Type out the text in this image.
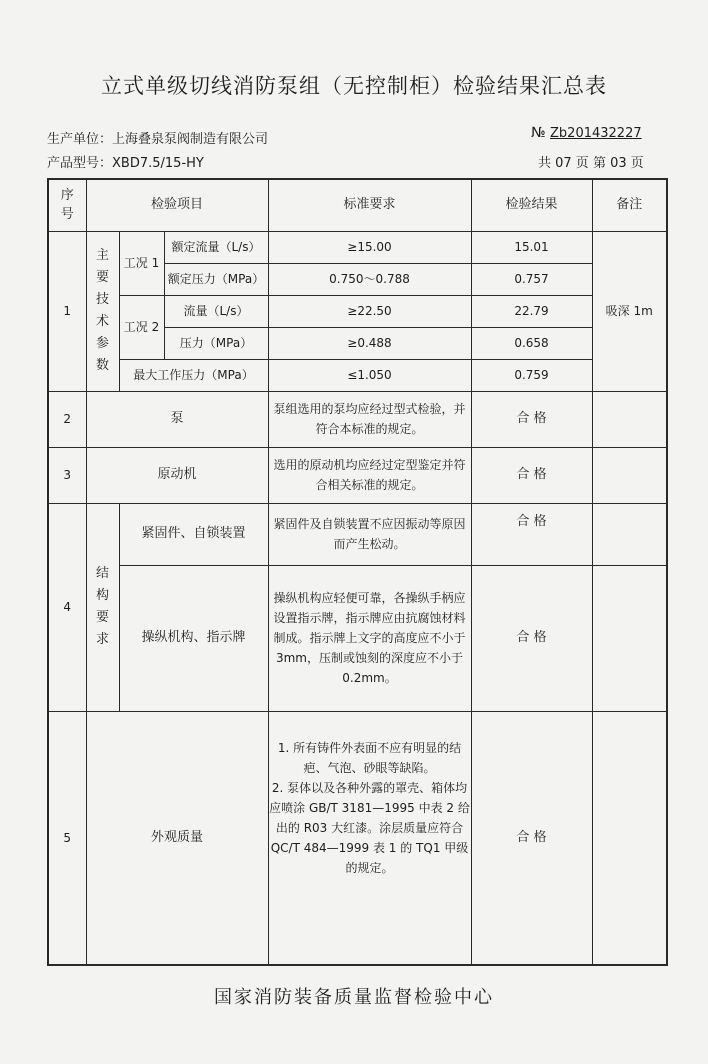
立式单级切线消防泵组（无控制柜）检验结果汇总表
生产单位：上海叠泉泵阀制造有限公司
产品型号：XBD7.5/15-HY
№ Zb201432227
共 07 页 第 03 页
序号	检验项目			标准要求	检验结果	备注
1	主要技术参数	工况 1	额定流量（L/s）	≥15.00	15.01	吸深 1m
			额定压力（MPa）	0.750～0.788	0.757	
		工况 2	流量（L/s）	≥22.50	22.79	
			压力（MPa）	≥0.488	0.658	
		最大工作压力（MPa）		≤1.050	0.759	
2	泵			泵组选用的泵均应经过型式检验，并符合本标准的规定。	合 格	
3	原动机			选用的原动机均应经过定型鉴定并符合相关标准的规定。	合 格	
4	结构要求	紧固件、自锁装置		紧固件及自锁装置不应因振动等原因而产生松动。	合 格	
		操纵机构、指示牌		操纵机构应轻便可靠，各操纵手柄应设置指示牌，指示牌应由抗腐蚀材料制成。指示牌上文字的高度应不小于 3mm，压制或蚀刻的深度应不小于 0.2mm。	合 格	
5	外观质量			1. 所有铸件外表面不应有明显的结疤、气泡、砂眼等缺陷。
2. 泵体以及各种外露的罩壳、箱体均应喷涂 GB/T 3181—1995 中表 2 给出的 R03 大红漆。涂层质量应符合 QC/T 484—1999 表 1 的 TQ1 甲级的规定。	合 格	
国家消防装备质量监督检验中心
